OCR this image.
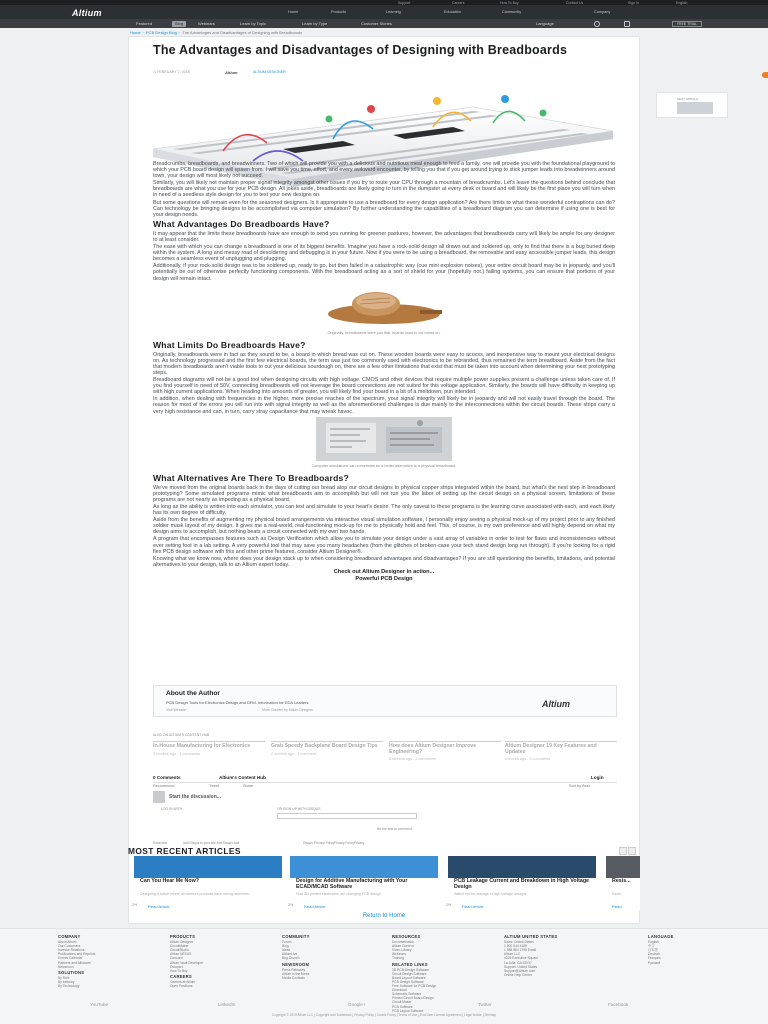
Support	Careers	How To Buy	Contact Us	Sign In	English
Altium	Home	Products	Learning	Education	Community	Company
Featured	Blog	Webinars	Learn by Topic	Learn by Type	Customer Stories	Language	FREE TRIAL
Home › PCB Design Blog › The Advantages and Disadvantages of Designing with Breadboards
NEXT ARTICLE
The Advantages and Disadvantages of Designing with Breadboards
◷ FEBRUARY 7, 2018	Altium	ALTIUM DESIGNER

Breadcrumbs, breadboards, and breadwinners. Two of which will provide you with a delicious and nutritious meal enough to feed a family, one will provide you with the foundational playground to which your PCB board design will spawn from. I will save you time, effort, and every awkward encounter, by telling you that if you get around trying to stick jumper leads into breadwinners around town, your design will most likely not succeed.

Similarly, you will likely not maintain proper signal integrity amongst other issues if you try to route your CPU through a mountain of breadcrumbs. Let's leave the questions behind conclude that breadboards are what you use for your PCB design. All jokes aside, breadboards are likely going to turn in the dumpster at every desk or board and will likely be the first place you will turn when in need of a seedless style design for you to test your new designs on.

But some questions will remain even for the seasoned designers. Is it appropriate to use a breadboard for every design application? Are there limits to what these wonderful contraptions can do? Can technology be bringing designs to be accomplished via computer simulation? By further understanding the capabilities of a breadboard diagram you can determine if using one is best for your design needs.

What Advantages Do Breadboards Have?

It may appear that the limits these breadboards have are enough to send you running for greener pastures, however, the advantages that breadboards carry will likely be ample for any designer to at least consider.

The ease with which you can change a breadboard is one of its biggest benefits. Imagine you have a rock-solid design all drawn out and soldered up, only to find that there is a bug buried deep within the system. A long and messy road of desoldering and debugging is in your future. Now if you were to be using a breadboard, the removable and easy accessible jumper leads, this design becomes a seamless event of unplugging and plugging.

Additionally, if your rock-solid design was to be soldered up, ready to go, but then failed in a catastrophic way (cue mini explosion noises), your entire circuit board may be in jeopardy, and you'll potentially be out of otherwise perfectly functioning components. With the breadboard acting as a sort of shield for your (hopefully not.) failing systems, you can ensure that portions of your design will remain intact.

Originally, breadboards were just that, boards used to cut bread on.
What Limits Do Breadboards Have?

Originally, breadboards were in fact as they sound to be, a board in which bread was cut on. These wooden boards were easy to access, and inexpensive way to mount your electrical designs on. As technology progressed and the first few electrical boards, the term was just too commonly used with electronics to be rebranded, thus remained the term breadboard. Aside from the fact that modern breadboards aren't viable tools to cut your delicious sourdough on, there are a few other limitations that exist that must be taken into account when determining your next prototyping steps.

Breadboard diagrams will not be a good tool when designing circuits with high voltage. CMOS and other devices that require multiple power supplies present a challenge unless taken care of. If you find yourself in need of 50V, connecting breadboards will not leverage the board connections are not suited for this voltage application. Similarly, the boards will have difficulty in keeping up with high current applications. When heading into amounts of greater, you will likely find your board in a bit of a meltdown, pun intended.

In addition, when dealing with frequencies in the higher, more precise reaches of the spectrum, your signal integrity will likely be in jeopardy and will not easily travel through the board. The reason for most of the errors you will run into with signal integrity as well as the aforementioned challenges is due mainly to the interconnections within the circuit boards. These strips carry a very high resistance and can, in turn, carry stray capacitance that may wreak havoc.

Computer simulations can sometimes be a better alternative to a physical breadboard.
What Alternatives Are There To Breadboards?

We've moved from the original boards back in the days of cutting our bread atop our circuit designs to physical copper strips integrated within the board, but what's the next step in breadboard prototyping? Some simulated programs mimic what breadboards aim to accomplish but will not run you the labor of setting up the circuit design on a physical screen, limitations of these programs are not nearly as impeding as a physical board.

As long as the ability is written into each simulator, you can test and simulate to your heart's desire. The only caveat to these programs is the learning curve associated with each, and each likely has its own degree of difficulty.

Aside from the benefits of augmenting my physical board arrangements via interactive visual simulation software, I personally enjoy seeing a physical mock-up of my project prior to any finished soldier mask layout of my design. It gives me a real-world, real-functioning mock-up for me to physically hold and feel. This, of course, is my own preference and will highly depend on what my design aims to accomplish, but nothing beats a circuit connected with my own two hands.

A program that encompasses features such as Design Verification which allow you to simulate your design under a vast array of variables in order to test for flaws and inconsistencies without ever setting foot in a lab setting. A very powerful tool that may save you many headaches (from the glitches of broken-case your tech stand design long run through). If you're looking for a rigid flex PCB design software with this and other prime features, consider Altium Designer®.

Knowing what we know now, where does your design stack up to when considering breadboard advantages and disadvantages? If you are still questioning the benefits, limitations, and potential alternatives to your design, talk to an Altium expert today.

Check out Altium Designer in action...

Powerful PCB Design

About the Author
PCB Design Tools for Electronics Design and DFM. Information for EDA Leaders.
Visit Website	More Content by Altium Designer
Altium
ALSO ON ALTIUM'S CONTENT HUB
In-House Manufacturing for Electronics
3 months ago - 4 comments
Grab Speedy Backplane Board Design Tips
2 months ago - 1 comment
How does Altium Designer Improve Engineering?
6 months ago - 2 comments
Altium Designer 19 Key Features and Updates
a month ago - 5 comments
0 Comments	Altium's Content Hub	Login
Recommend	Tweet	Share	Sort by Best
Start the discussion...
LOG IN WITH	OR SIGN UP WITH DISQUS
Be the first to comment.
Subscribe	Add Disqus to your site Add Disqus Add	Disqus' Privacy PolicyPrivacy PolicyPrivacy
MOST RECENT ARTICLES
Can You Hear Me Now?
Designing a future where all wireless products have strong antennas
2%	Read Article
Design for Additive Manufacturing with Your ECAD/MCAD Software
How 3D printed electronics are changing PCB design
2%	Read Article
PCB Leakage Current and Breakdown in High Voltage Design
Watch out for leakage in high voltage designs
2%	Read Article
Resis...
Resis...
Read
Return to Home
COMPANY
About Altium
Our Customers
Investor Relations
Publications and Reprints
Events Calendar
Partners and Alliances
Newsroom
SOLUTIONS
By Role
By Industry
By Technology
PRODUCTS
Altium Designer
CircuitMaker
CircuitStudio
Altium NEXUS
Concord
Altium Vault Developer
Octopart
How To Buy
CAREERS
Careers at Altium
Open Positions
COMMUNITY
Forum
Blog
Ideas
AltiumLive
Bug Crunch
NEWSROOM
Press Releases
Altium in the News
Media Contacts
RESOURCES
Documentation
Altium Content
Video Library
Webinars
Training
RELATED LINKS
3D PCB Design Software
Circuit Design Software
Board Layout Software
PCB Design Software
Free Software for PCB Design
Download
Schematic Software
Printed Circuit Board Design
Circuit Maker
PCB Software
PCB Layout Software
ALTIUM UNITED STATES
Sales: United States
1 800 544 4186
1 858 864 1798 Email
Altium LLC
4225 Executive Square
La Jolla, CA 92037
Support: United States
Support@Altium.com
Online Help Center
LANGUAGE
English
中文
日本語
Deutsch
Français
Русский
YouTube	LinkedIn	Google+	Twitter	Facebook
Copyright © 2019 Altium LLC | Copyright and Trademark | Privacy Policy | Cookie Policy | Terms of Use | End-User License Agreement | Legal Notice | Sitemap
